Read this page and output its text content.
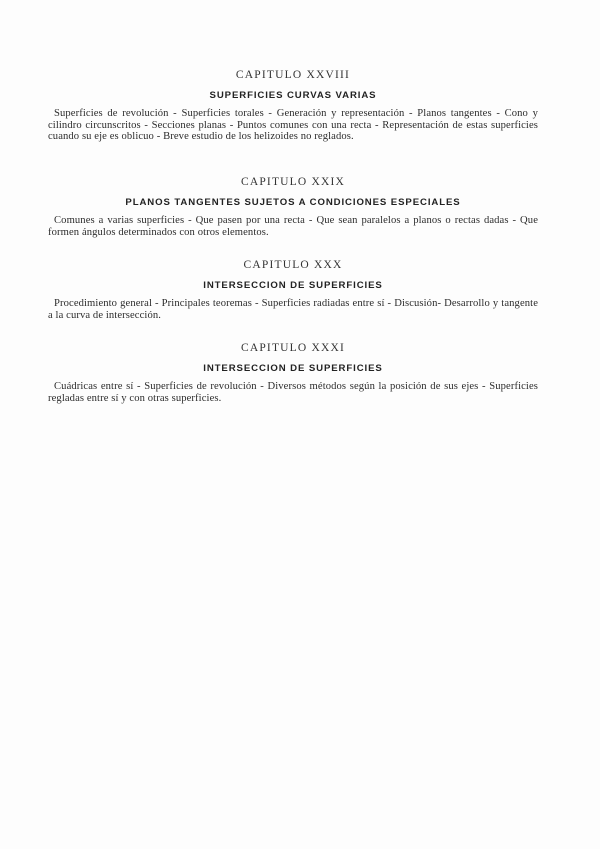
CAPITULO XXVIII

SUPERFICIES CURVAS VARIAS

Superficies de revolución - Superficies torales - Generación y representación - Planos tangentes - Cono y cilindro circunscritos - Secciones planas - Puntos comunes con una recta - Representación de estas superficies cuando su eje es oblicuo - Breve estudio de los helizoides no reglados.

CAPITULO XXIX

PLANOS TANGENTES SUJETOS A CONDICIONES ESPECIALES

Comunes a varias superficies - Que pasen por una recta - Que sean paralelos a planos o rectas dadas - Que formen ángulos determinados con otros elementos.

CAPITULO XXX

INTERSECCION DE SUPERFICIES

Procedimiento general - Principales teoremas - Superficies radiadas entre sí - Discusión- Desarrollo y tangente a la curva de intersección.

CAPITULO XXXI

INTERSECCION DE SUPERFICIES

Cuádricas entre sí - Superficies de revolución - Diversos métodos según la posición de sus ejes - Superficies regladas entre sí y con otras superficies.
